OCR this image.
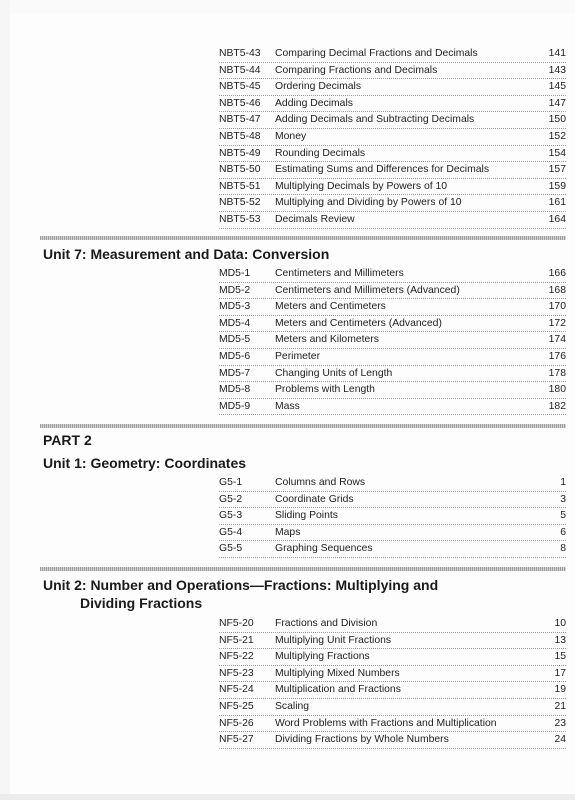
NBT5-43 Comparing Decimal Fractions and Decimals	141
NBT5-44 Comparing Fractions and Decimals	143
NBT5-45 Ordering Decimals	145
NBT5-46 Adding Decimals	147
NBT5-47 Adding Decimals and Subtracting Decimals	150
NBT5-48 Money	152
NBT5-49 Rounding Decimals	154
NBT5-50 Estimating Sums and Differences for Decimals	157
NBT5-51 Multiplying Decimals by Powers of 10	159
NBT5-52 Multiplying and Dividing by Powers of 10	161
NBT5-53 Decimals Review	164
Unit 7: Measurement and Data: Conversion
MD5-1 Centimeters and Millimeters	166
MD5-2 Centimeters and Millimeters (Advanced)	168
MD5-3 Meters and Centimeters	170
MD5-4 Meters and Centimeters (Advanced)	172
MD5-5 Meters and Kilometers	174
MD5-6 Perimeter	176
MD5-7 Changing Units of Length	178
MD5-8 Problems with Length	180
MD5-9 Mass	182
PART 2
Unit 1: Geometry: Coordinates
G5-1	Columns and Rows	1
G5-2	Coordinate Grids	3
G5-3	Sliding Points	5
G5-4	Maps	6
G5-5	Graphing Sequences	8
Unit 2: Number and Operations—Fractions: Multiplying and
Dividing Fractions
NF5-20 Fractions and Division	10
NF5-21 Multiplying Unit Fractions	13
NF5-22 Multiplying Fractions	15
NF5-23 Multiplying Mixed Numbers	17
NF5-24 Multiplication and Fractions	19
NF5-25 Scaling	21
NF5-26 Word Problems with Fractions and Multiplication	23
NF5-27 Dividing Fractions by Whole Numbers	24
